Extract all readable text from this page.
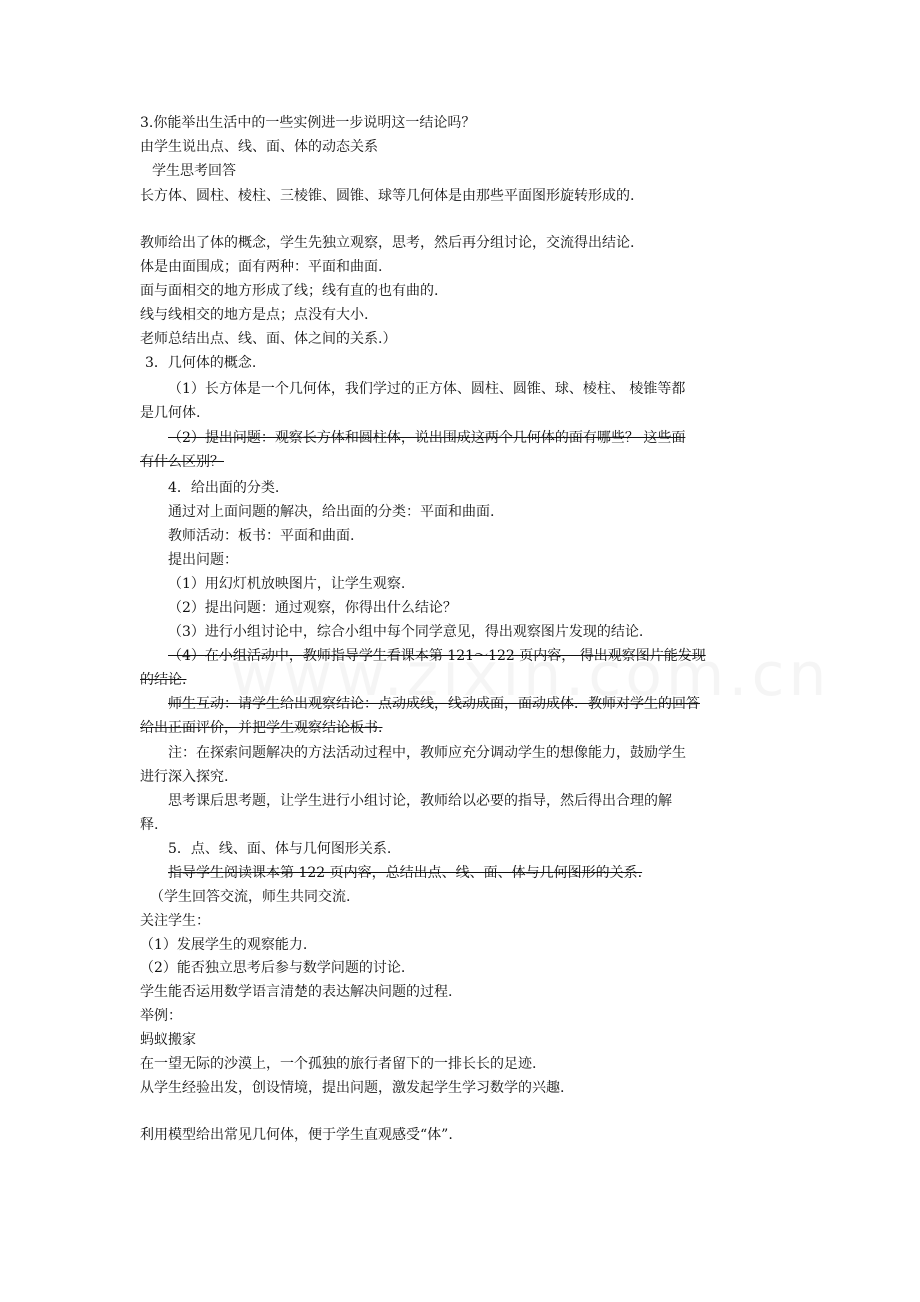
3.你能举出生活中的一些实例进一步说明这一结论吗？
由学生说出点、线、面、体的动态关系
学生思考回答
长方体、圆柱、棱柱、三棱锥、圆锥、球等几何体是由那些平面图形旋转形成的.
教师给出了体的概念，学生先独立观察，思考，然后再分组讨论，交流得出结论.
体是由面围成；面有两种：平面和曲面.
面与面相交的地方形成了线；线有直的也有曲的.
线与线相交的地方是点；点没有大小.
老师总结出点、线、面、体之间的关系.）
3．几何体的概念.
（1）长方体是一个几何体，我们学过的正方体、圆柱、圆锥、球、棱柱、 棱锥等都
是几何体.
（2）提出问题：观察长方体和圆柱体，说出围成这两个几何体的面有哪些？ 这些面
有什么区别？
4．给出面的分类.
通过对上面问题的解决，给出面的分类：平面和曲面.
教师活动：板书：平面和曲面.
提出问题：
（1）用幻灯机放映图片，让学生观察.
（2）提出问题：通过观察，你得出什么结论？
（3）进行小组讨论中，综合小组中每个同学意见，得出观察图片发现的结论.
（4）在小组活动中，教师指导学生看课本第 121～122 页内容， 得出观察图片能发现
的结论.
师生互动：请学生给出观察结论：点动成线，线动成面，面动成体．教师对学生的回答
给出正面评价，并把学生观察结论板书.
注：在探索问题解决的方法活动过程中，教师应充分调动学生的想像能力，鼓励学生
进行深入探究.
思考课后思考题，让学生进行小组讨论，教师给以必要的指导，然后得出合理的解
释.
5．点、线、面、体与几何图形关系.
指导学生阅读课本第 122 页内容，总结出点、线、面、体与几何图形的关系.
（学生回答交流，师生共同交流.
关注学生：
（1）发展学生的观察能力.
（2）能否独立思考后参与数学问题的讨论.
学生能否运用数学语言清楚的表达解决问题的过程.
举例：
蚂蚁搬家
在一望无际的沙漠上，一个孤独的旅行者留下的一排长长的足迹.
从学生经验出发，创设情境，提出问题，激发起学生学习数学的兴趣.
利用模型给出常见几何体，便于学生直观感受“体”.
